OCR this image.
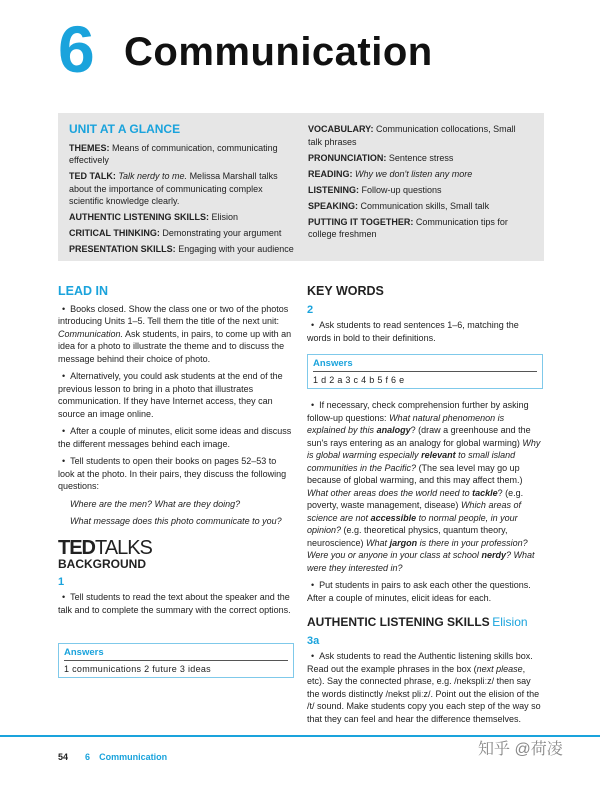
6 Communication

UNIT AT A GLANCE

THEMES: Means of communication, communicating effectively

TED TALK: Talk nerdy to me. Melissa Marshall talks about the importance of communicating complex scientific knowledge clearly.

AUTHENTIC LISTENING SKILLS: Elision

CRITICAL THINKING: Demonstrating your argument

PRESENTATION SKILLS: Engaging with your audience

VOCABULARY: Communication collocations, Small talk phrases

PRONUNCIATION: Sentence stress

READING: Why we don't listen any more

LISTENING: Follow-up questions

SPEAKING: Communication skills, Small talk

PUTTING IT TOGETHER: Communication tips for college freshmen

LEAD IN

• Books closed. Show the class one or two of the photos introducing Units 1–5. Tell them the title of the next unit: Communication. Ask students, in pairs, to come up with an idea for a photo to illustrate the theme and to discuss the message behind their choice of photo.

• Alternatively, you could ask students at the end of the previous lesson to bring in a photo that illustrates communication. If they have Internet access, they can source an image online.

• After a couple of minutes, elicit some ideas and discuss the different messages behind each image.

• Tell students to open their books on pages 52–53 to look at the photo. In their pairs, they discuss the following questions:

Where are the men? What are they doing?

What message does this photo communicate to you?

TEDTALKS
BACKGROUND
1

• Tell students to read the text about the speaker and the talk and to complete the summary with the correct options.

Answers
1 communications 2 future 3 ideas
KEY WORDS
2

• Ask students to read sentences 1–6, matching the words in bold to their definitions.

Answers
1 d 2 a 3 c 4 b 5 f 6 e

• If necessary, check comprehension further by asking follow-up questions: What natural phenomenon is explained by this analogy? (draw a greenhouse and the sun's rays entering as an analogy for global warming) Why is global warming especially relevant to small island communities in the Pacific? (The sea level may go up because of global warming, and this may affect them.) What other areas does the world need to tackle? (e.g. poverty, waste management, disease) Which areas of science are not accessible to normal people, in your opinion? (e.g. theoretical physics, quantum theory, neuroscience) What jargon is there in your profession? Were you or anyone in your class at school nerdy? What were they interested in?

• Put students in pairs to ask each other the questions. After a couple of minutes, elicit ideas for each.

AUTHENTIC LISTENING SKILLS Elision
3a

• Ask students to read the Authentic listening skills box. Read out the example phrases in the box (next please, etc). Say the connected phrase, e.g. /nekspliːz/ then say the words distinctly /nekst pliːz/. Point out the elision of the /t/ sound. Make students copy you each step of the way so that they can feel and hear the difference themselves.

54 6 Communication	知乎 @荷凌
